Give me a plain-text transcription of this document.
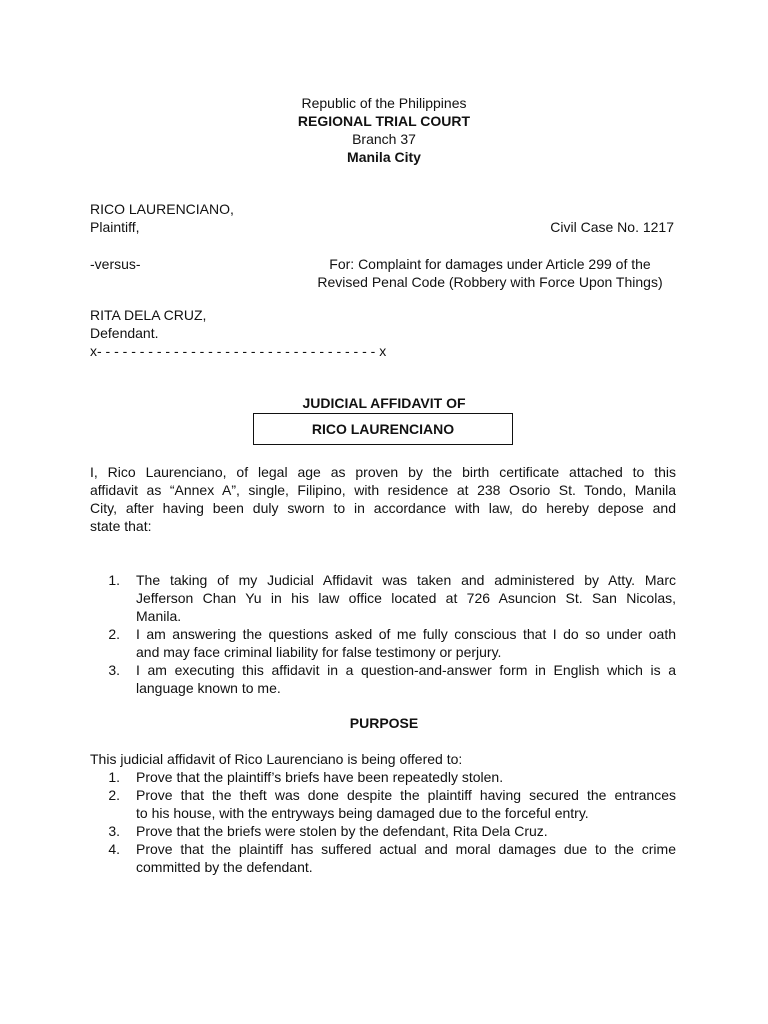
Republic of the Philippines
REGIONAL TRIAL COURT
Branch 37
Manila City
RICO LAURENCIANO,
Plaintiff,	Civil Case No. 1217
-versus-	For: Complaint for damages under Article 299 of the
Revised Penal Code (Robbery with Force Upon Things)
RITA DELA CRUZ,
Defendant.
x- - - - - - - - - - - - - - - - - - - - - - - - - - - - - - - - - x
JUDICIAL AFFIDAVIT OF
RICO LAURENCIANO
I, Rico Laurenciano, of legal age as proven by the birth certificate attached to this
affidavit as “Annex A”, single, Filipino, with residence at 238 Osorio St. Tondo, Manila
City, after having been duly sworn to in accordance with law, do hereby depose and
state that:
1. The taking of my Judicial Affidavit was taken and administered by Atty. Marc
Jefferson Chan Yu in his law office located at 726 Asuncion St. San Nicolas,
Manila.
2. I am answering the questions asked of me fully conscious that I do so under oath
and may face criminal liability for false testimony or perjury.
3. I am executing this affidavit in a question-and-answer form in English which is a
language known to me.
PURPOSE
This judicial affidavit of Rico Laurenciano is being offered to:
1. Prove that the plaintiff’s briefs have been repeatedly stolen.
2. Prove that the theft was done despite the plaintiff having secured the entrances
to his house, with the entryways being damaged due to the forceful entry.
3. Prove that the briefs were stolen by the defendant, Rita Dela Cruz.
4. Prove that the plaintiff has suffered actual and moral damages due to the crime
committed by the defendant.
